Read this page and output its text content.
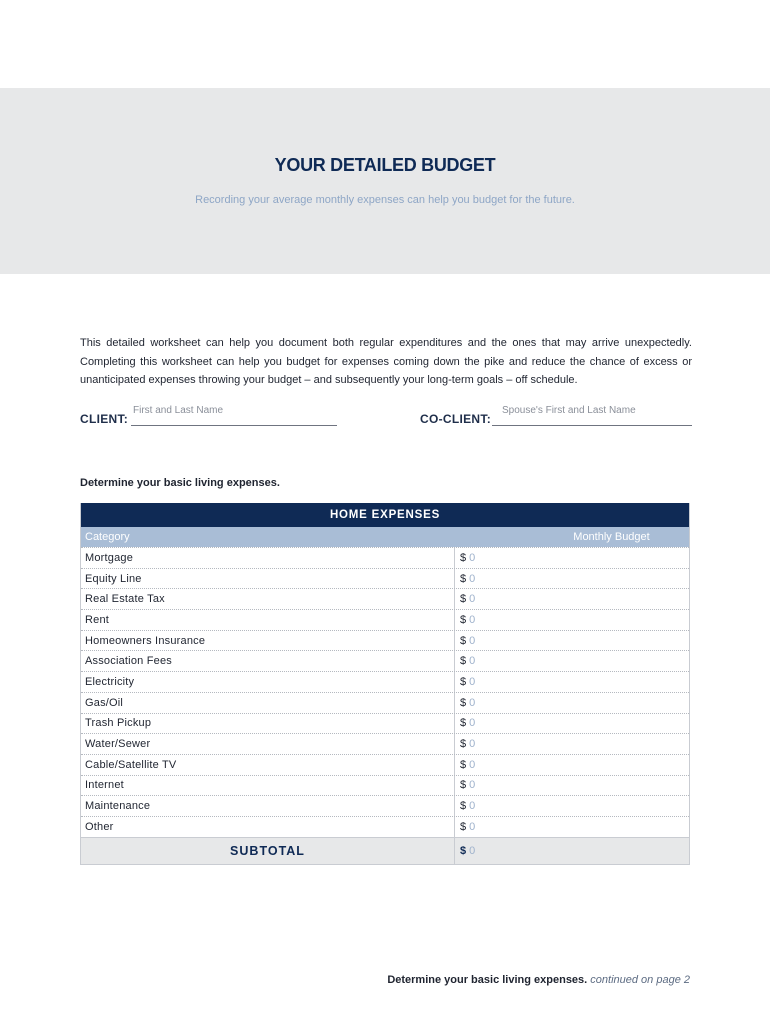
YOUR DETAILED BUDGET
Recording your average monthly expenses can help you budget for the future.
This detailed worksheet can help you document both regular expenditures and the ones that may arrive unexpectedly. Completing this worksheet can help you budget for expenses coming down the pike and reduce the chance of excess or unanticipated expenses throwing your budget – and subsequently your long-term goals – off schedule.
CLIENT:
First and Last Name
CO-CLIENT:
Spouse's First and Last Name
Determine your basic living expenses.
HOME EXPENSES
Category	Monthly Budget
Mortgage	$ 0
Equity Line	$ 0
Real Estate Tax	$ 0
Rent	$ 0
Homeowners Insurance	$ 0
Association Fees	$ 0
Electricity	$ 0
Gas/Oil	$ 0
Trash Pickup	$ 0
Water/Sewer	$ 0
Cable/Satellite TV	$ 0
Internet	$ 0
Maintenance	$ 0
Other	$ 0
SUBTOTAL	$ 0
Determine your basic living expenses. continued on page 2
